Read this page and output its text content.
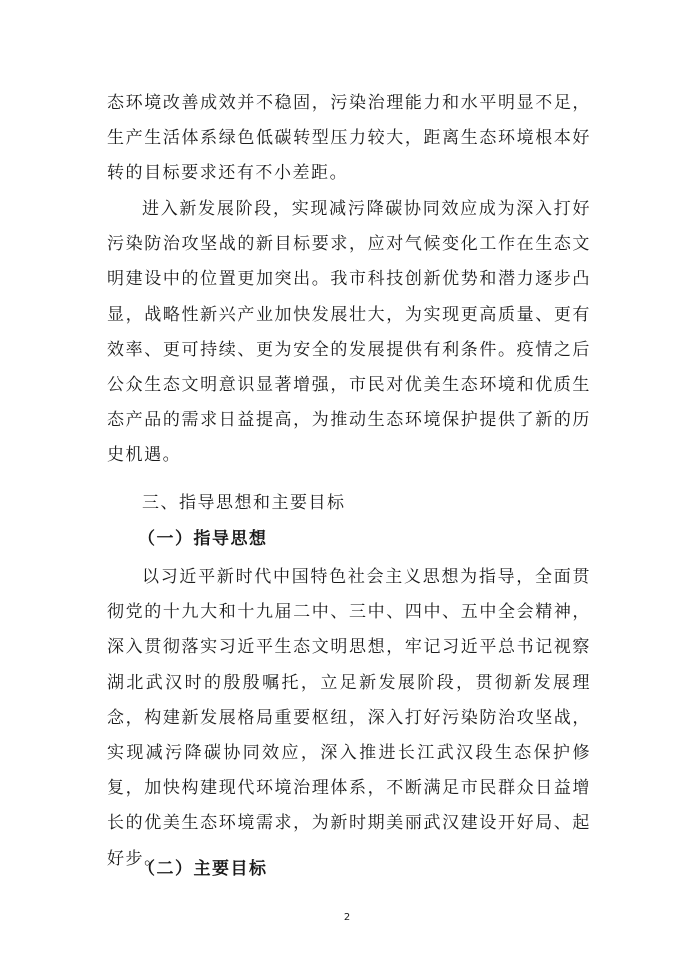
态环境改善成效并不稳固，污染治理能力和水平明显不足，生产生活体系绿色低碳转型压力较大，距离生态环境根本好转的目标要求还有不小差距。

进入新发展阶段，实现减污降碳协同效应成为深入打好污染防治攻坚战的新目标要求，应对气候变化工作在生态文明建设中的位置更加突出。我市科技创新优势和潜力逐步凸显，战略性新兴产业加快发展壮大，为实现更高质量、更有效率、更可持续、更为安全的发展提供有利条件。疫情之后公众生态文明意识显著增强，市民对优美生态环境和优质生态产品的需求日益提高，为推动生态环境保护提供了新的历史机遇。

三、指导思想和主要目标
（一）指导思想

以习近平新时代中国特色社会主义思想为指导，全面贯彻党的十九大和十九届二中、三中、四中、五中全会精神，深入贯彻落实习近平生态文明思想，牢记习近平总书记视察湖北武汉时的殷殷嘱托，立足新发展阶段，贯彻新发展理念，构建新发展格局重要枢纽，深入打好污染防治攻坚战，实现减污降碳协同效应，深入推进长江武汉段生态保护修复，加快构建现代环境治理体系，不断满足市民群众日益增长的优美生态环境需求，为新时期美丽武汉建设开好局、起好步。

（二）主要目标
2
